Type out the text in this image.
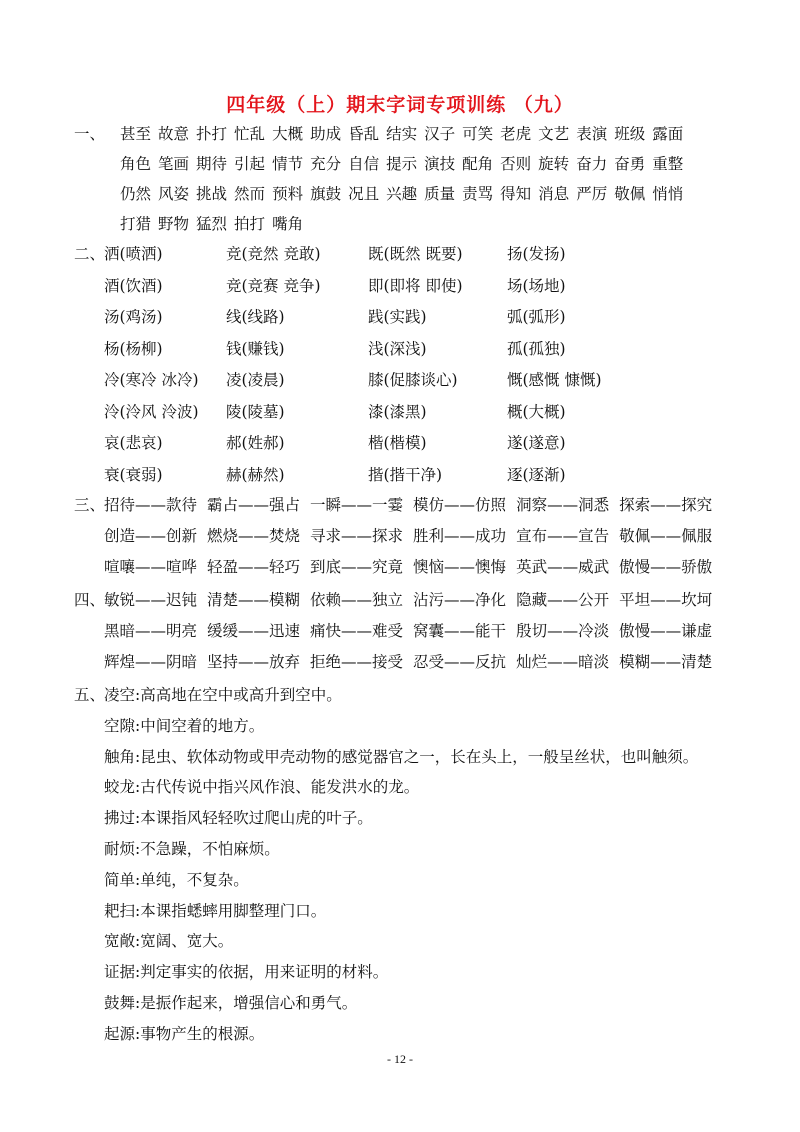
四年级（上）期末字词专项训练 （九）
一、 甚至 故意 扑打 忙乱 大概 助成 昏乱 结实 汉子 可笑 老虎 文艺 表演 班级 露面
角色 笔画 期待 引起 情节 充分 自信 提示 演技 配角 否则 旋转 奋力 奋勇 重整
仍然 风姿 挑战 然而 预料 旗鼓 况且 兴趣 质量 责骂 得知 消息 严厉 敬佩 悄悄
打猎 野物 猛烈 拍打 嘴角
二、
洒(喷洒)	竞(竞然 竞敢)	既(既然 既要)	扬(发扬)
酒(饮酒)	竞(竞赛 竞争)	即(即将 即使)	场(场地)
汤(鸡汤)	线(线路)	践(实践)	弧(弧形)
杨(杨柳)	钱(赚钱)	浅(深浅)	孤(孤独)
冷(寒冷 冰冷) 凌(凌晨)	膝(促膝谈心)	慨(感慨 慷慨)
泠(泠风 泠波) 陵(陵墓)	漆(漆黑)	概(大概)
哀(悲哀)	郝(姓郝)	楷(楷模)	遂(遂意)
衰(衰弱)	赫(赫然)	揩(揩干净)	逐(逐渐)
三、
招待——款待 霸占——强占 一瞬——一霎 模仿——仿照 洞察——洞悉 探索——探究
创造——创新 燃烧——焚烧 寻求——探求 胜利——成功 宣布——宣告 敬佩——佩服
喧嚷——喧哗 轻盈——轻巧 到底——究竟 懊恼——懊悔 英武——威武 傲慢——骄傲
四、
敏锐——迟钝 清楚——模糊 依赖——独立 沾污——净化 隐藏——公开 平坦——坎坷
黑暗——明亮 缓缓——迅速 痛快——难受 窝囊——能干 殷切——冷淡 傲慢——谦虚
辉煌——阴暗 坚持——放弃 拒绝——接受 忍受——反抗 灿烂——暗淡 模糊——清楚
五、
凌空:高高地在空中或高升到空中。
空隙:中间空着的地方。
触角:昆虫、软体动物或甲壳动物的感觉器官之一，长在头上，一般呈丝状，也叫触须。
蛟龙:古代传说中指兴风作浪、能发洪水的龙。
拂过:本课指风轻轻吹过爬山虎的叶子。
耐烦:不急躁，不怕麻烦。
简单:单纯，不复杂。
耙扫:本课指蟋蟀用脚整理门口。
宽敞:宽阔、宽大。
证据:判定事实的依据，用来证明的材料。
鼓舞:是振作起来，增强信心和勇气。
起源:事物产生的根源。
- 12 -
